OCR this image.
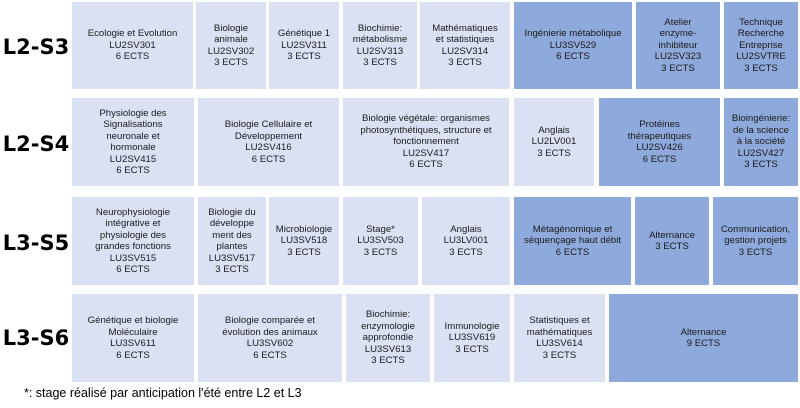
L2-S3
L2-S4
L3-S5
L3-S6
Ecologie et Evolution
LU2SV301
6 ECTS
Biologie
animale
LU2SV302
3 ECTS
Génétique 1
LU2SV311
3 ECTS
Biochimie:
métabolisme
LU2SV313
3 ECTS
Mathématiques
et statistiques
LU2SV314
3 ECTS
Ingénierie métabolique
LU3SV529
6 ECTS
Atelier
enzyme-
inhibiteur
LU2SV323
3 ECTS
Technique
Recherche
Entreprise
LU2SVTRE
3 ECTS
Physiologie des
Signalisations
neuronale et
hormonale
LU2SV415
6 ECTS
Biologie Cellulaire et
Développement
LU2SV416
6 ECTS
Biologie végétale: organismes
photosynthétiques, structure et
fonctionnement
LU2SV417
6 ECTS
Anglais
LU2LV001
3 ECTS
Protéines
thérapeutiques
LU2SV426
6 ECTS
Bioingénierie:
de la science
à la société
LU2SV427
3 ECTS
Neurophysiologie
intégrative et
physiologie des
grandes fonctions
LU3SV515
6 ECTS
Biologie du
développe
ment des
plantes
LU3SV517
3 ECTS
Microbiologie
LU3SV518
3 ECTS
Stage*
LU3SV503
3 ECTS
Anglais
LU3LV001
3 ECTS
Métagénomique et
séquençage haut débit
6 ECTS
Alternance
3 ECTS
Communication,
gestion projets
3 ECTS
Génétique et biologie
Moléculaire
LU3SV611
6 ECTS
Biologie comparée et
évolution des animaux
LU3SV602
6 ECTS
Biochimie:
enzymologie
approfondie
LU3SV613
3 ECTS
Immunologie
LU3SV619
3 ECTS
Statistiques et
mathématiques
LU3SV614
3 ECTS
Alternance
9 ECTS
*: stage réalisé par anticipation l'été entre L2 et L3
